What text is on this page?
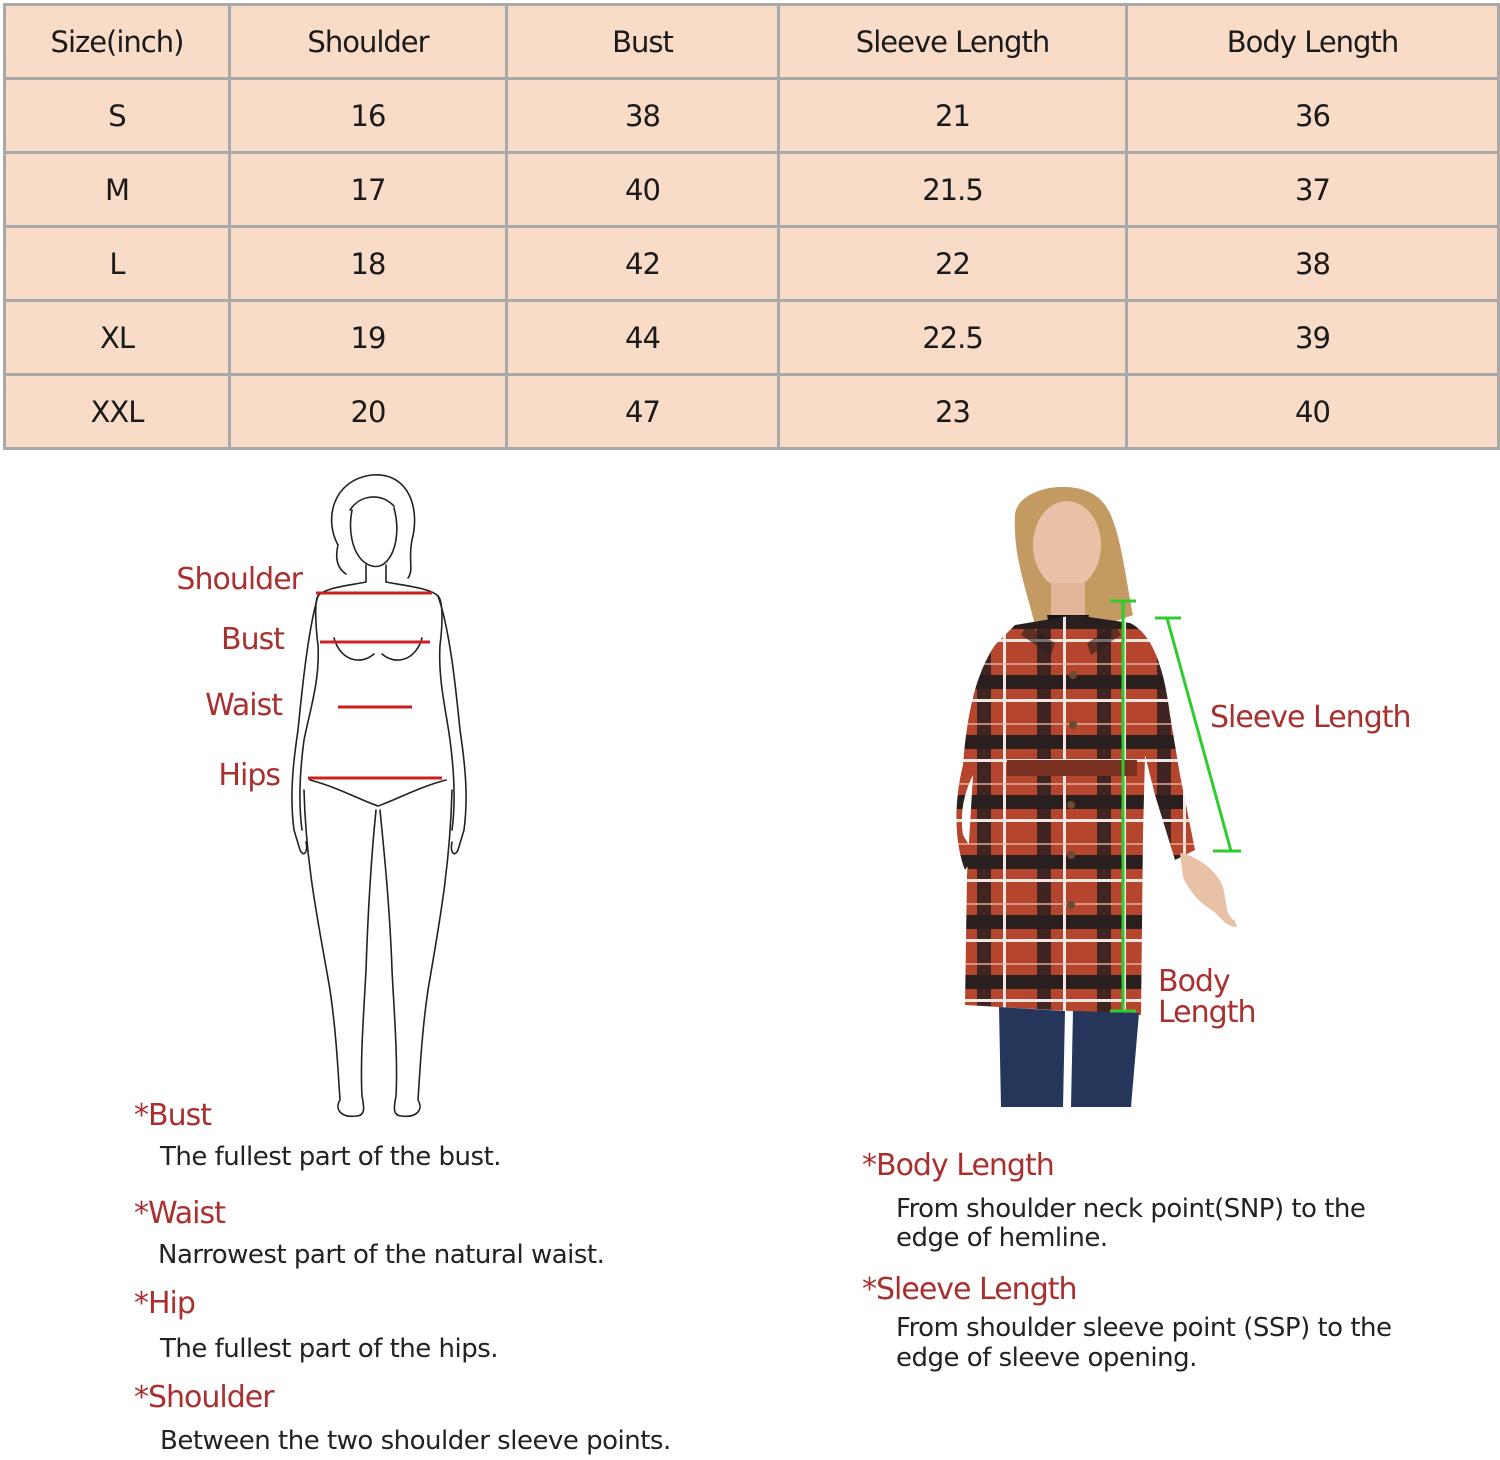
Size(inch)	Shoulder	Bust	Sleeve Length	Body Length
S	16	38	21	36
M	17	40	21.5	37
L	18	42	22	38
XL	19	44	22.5	39
XXL	20	47	23	40
Shoulder
Bust
Waist
Hips
Sleeve Length
Body
Length
*Bust
The fullest part of the bust.
*Waist
Narrowest part of the natural waist.
*Hip
The fullest part of the hips.
*Shoulder
Between the two shoulder sleeve points.
*Body Length
From shoulder neck point(SNP) to the
edge of hemline.
*Sleeve Length
From shoulder sleeve point (SSP) to the
edge of sleeve opening.
